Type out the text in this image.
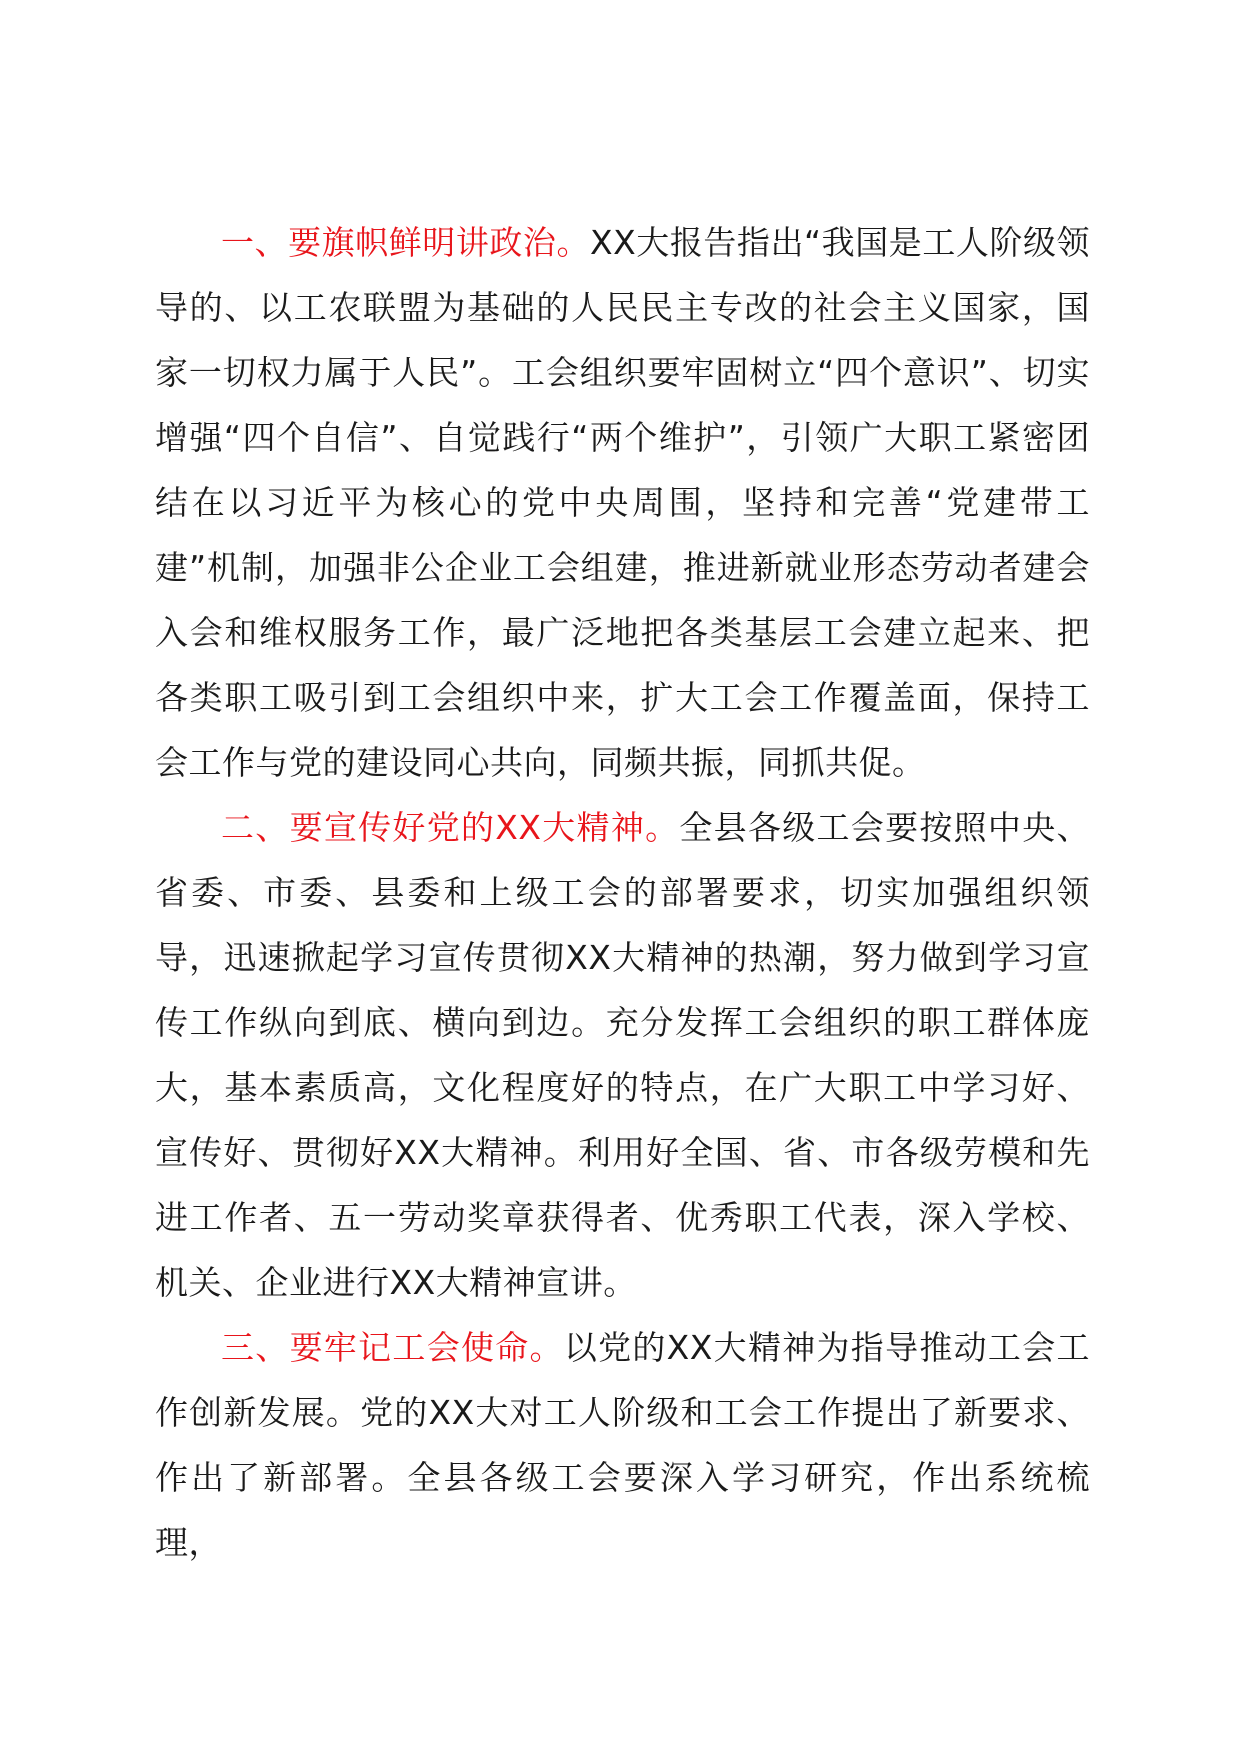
一、要旗帜鲜明讲政治。XX大报告指出“我国是工人阶级领导的、以工农联盟为基础的人民民主专改的社会主义国家，国家一切权力属于人民”。工会组织要牢固树立“四个意识”、切实增强“四个自信”、自觉践行“两个维护”，引领广大职工紧密团结在以习近平为核心的党中央周围，坚持和完善“党建带工建”机制，加强非公企业工会组建，推进新就业形态劳动者建会入会和维权服务工作，最广泛地把各类基层工会建立起来、把各类职工吸引到工会组织中来，扩大工会工作覆盖面，保持工会工作与党的建设同心共向，同频共振，同抓共促。

二、要宣传好党的XX大精神。全县各级工会要按照中央、省委、市委、县委和上级工会的部署要求，切实加强组织领导，迅速掀起学习宣传贯彻XX大精神的热潮，努力做到学习宣传工作纵向到底、横向到边。充分发挥工会组织的职工群体庞大，基本素质高，文化程度好的特点，在广大职工中学习好、宣传好、贯彻好XX大精神。利用好全国、省、市各级劳模和先进工作者、五一劳动奖章获得者、优秀职工代表，深入学校、机关、企业进行XX大精神宣讲。

三、要牢记工会使命。以党的XX大精神为指导推动工会工作创新发展。党的XX大对工人阶级和工会工作提出了新要求、作出了新部署。全县各级工会要深入学习研究，作出系统梳理，
